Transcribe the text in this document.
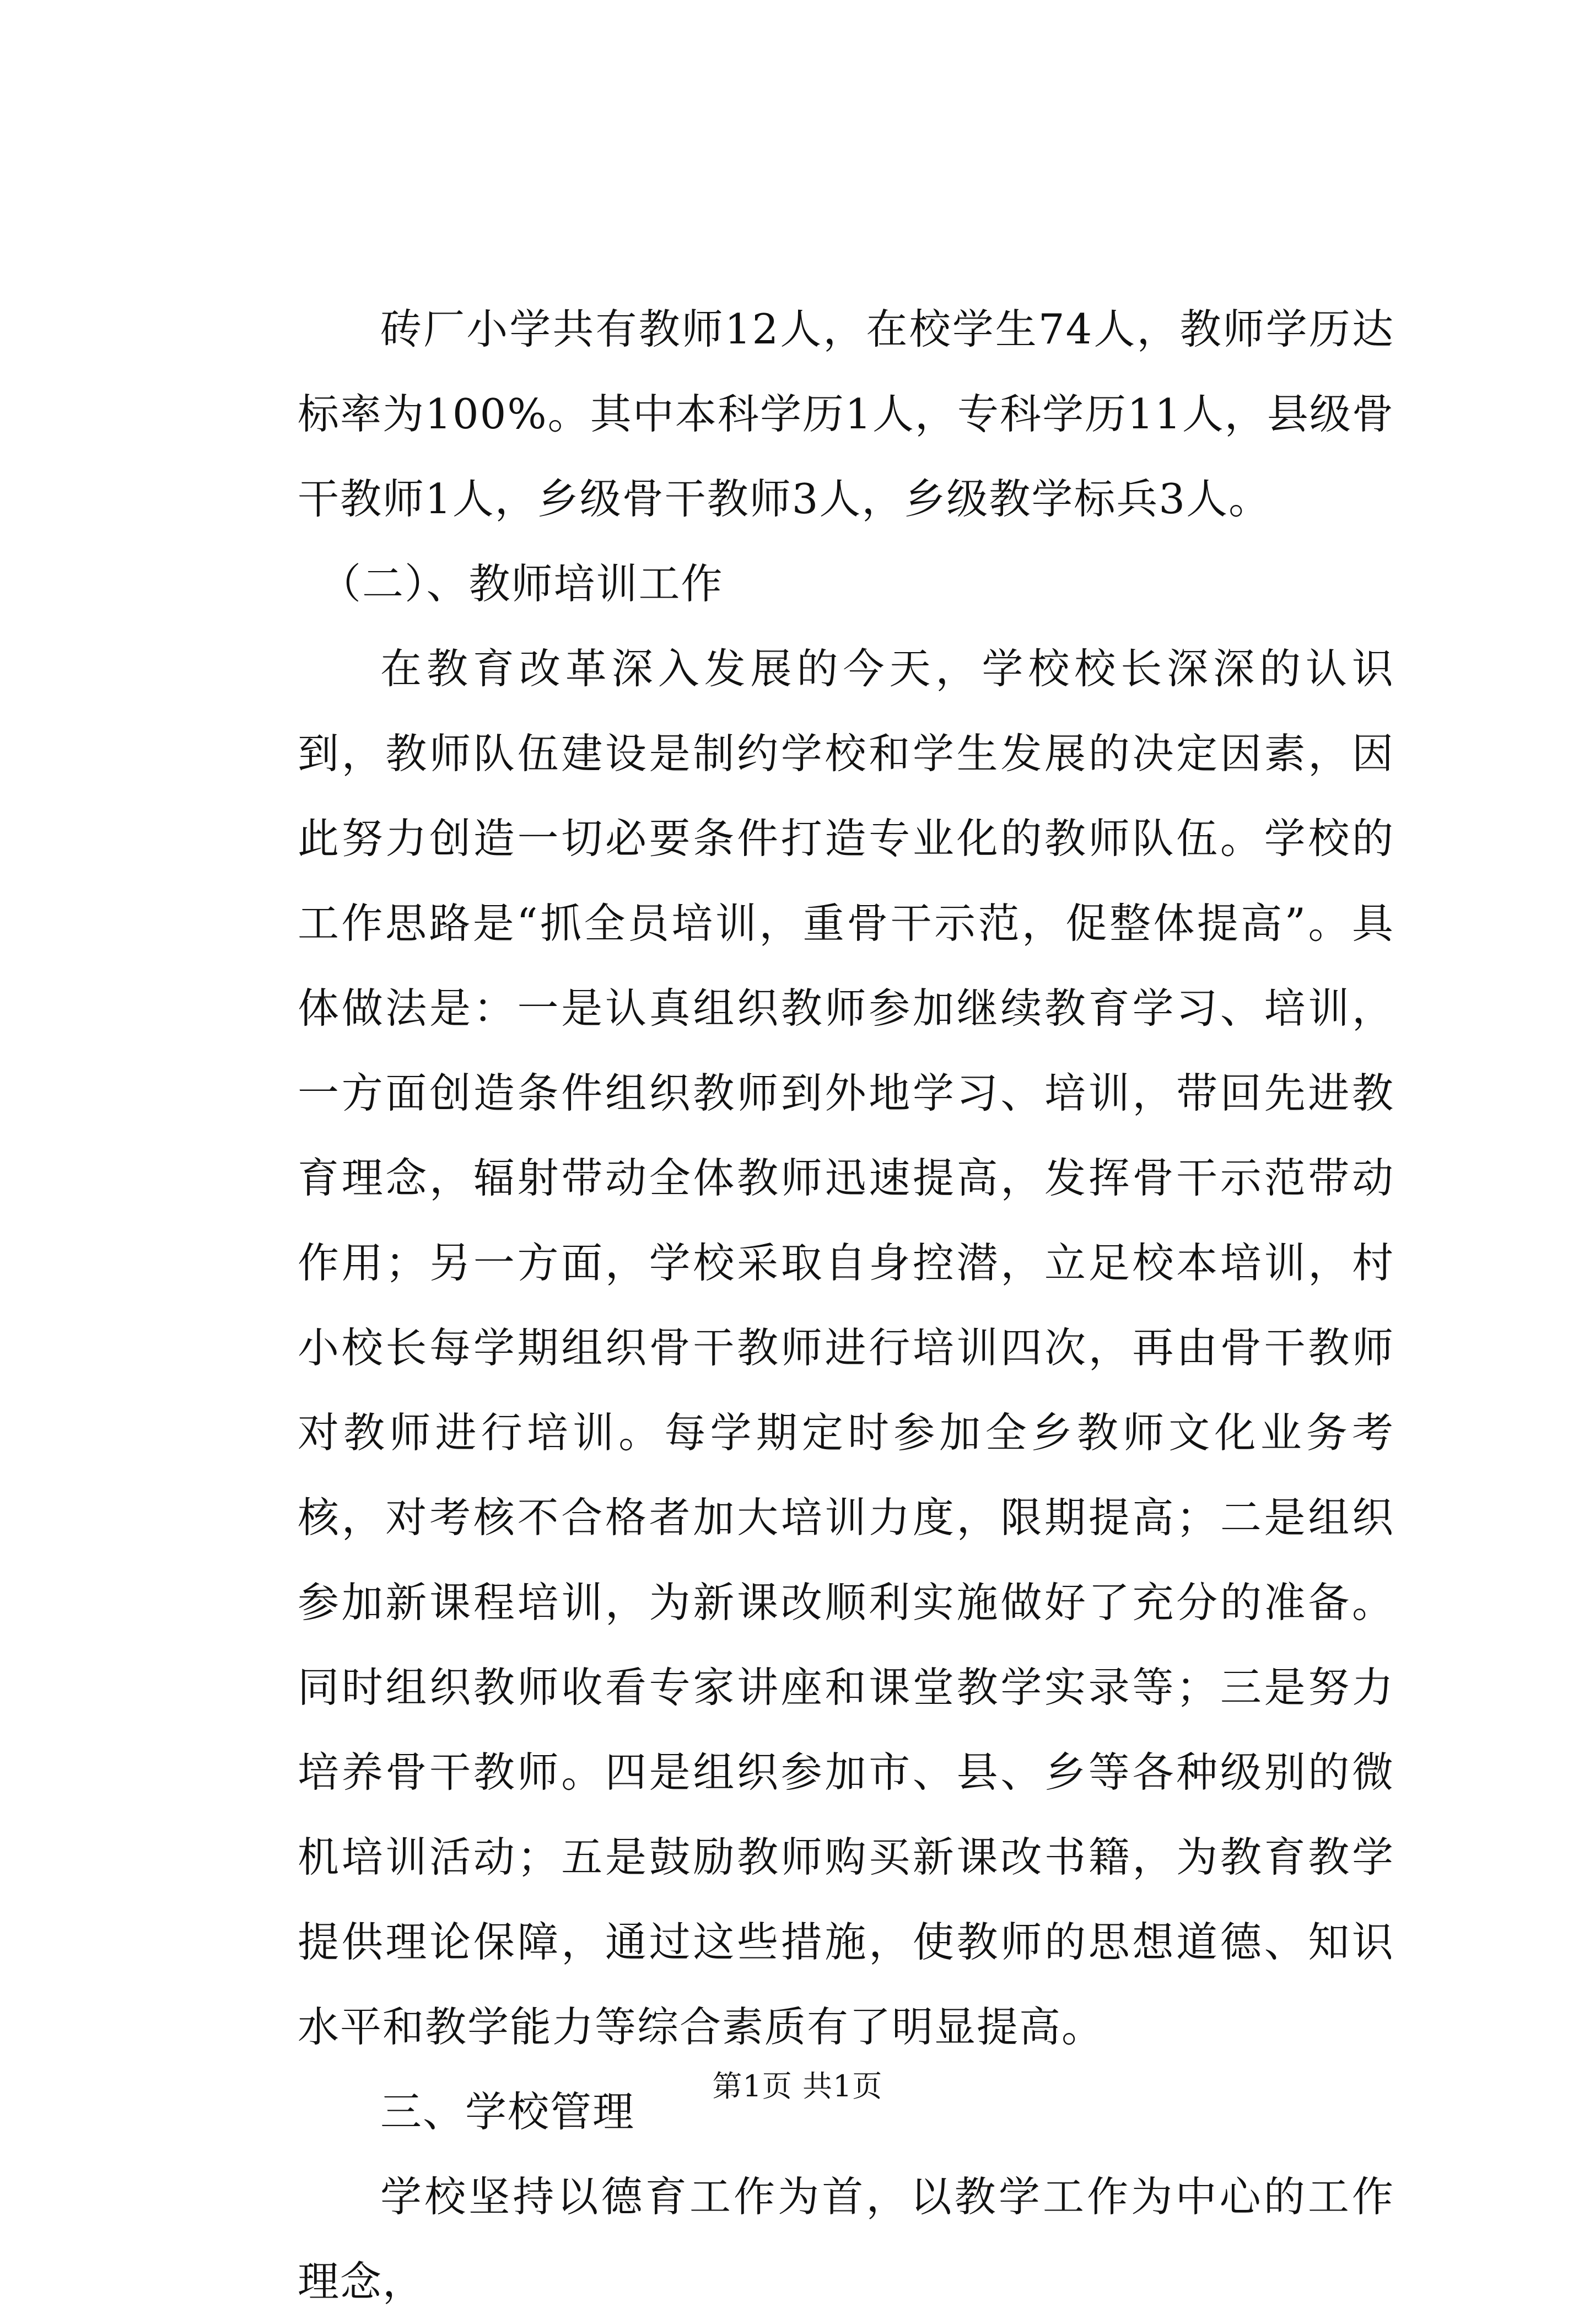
砖厂小学共有教师12人，在校学生74人，教师学历达标率为100%。其中本科学历1人，专科学历11人，县级骨干教师1人，乡级骨干教师3人，乡级教学标兵3人。

（二）、教师培训工作

在教育改革深入发展的今天，学校校长深深的认识到，教师队伍建设是制约学校和学生发展的决定因素，因此努力创造一切必要条件打造专业化的教师队伍。学校的工作思路是“抓全员培训，重骨干示范，促整体提高”。具体做法是：一是认真组织教师参加继续教育学习、培训，一方面创造条件组织教师到外地学习、培训，带回先进教育理念，辐射带动全体教师迅速提高，发挥骨干示范带动作用；另一方面，学校采取自身控潜，立足校本培训，村小校长每学期组织骨干教师进行培训四次，再由骨干教师对教师进行培训。每学期定时参加全乡教师文化业务考核，对考核不合格者加大培训力度，限期提高；二是组织参加新课程培训，为新课改顺利实施做好了充分的准备。同时组织教师收看专家讲座和课堂教学实录等；三是努力培养骨干教师。四是组织参加市、县、乡等各种级别的微机培训活动；五是鼓励教师购买新课改书籍，为教育教学提供理论保障，通过这些措施，使教师的思想道德、知识水平和教学能力等综合素质有了明显提高。

三、学校管理

学校坚持以德育工作为首，以教学工作为中心的工作理念，

第1页 共1页
